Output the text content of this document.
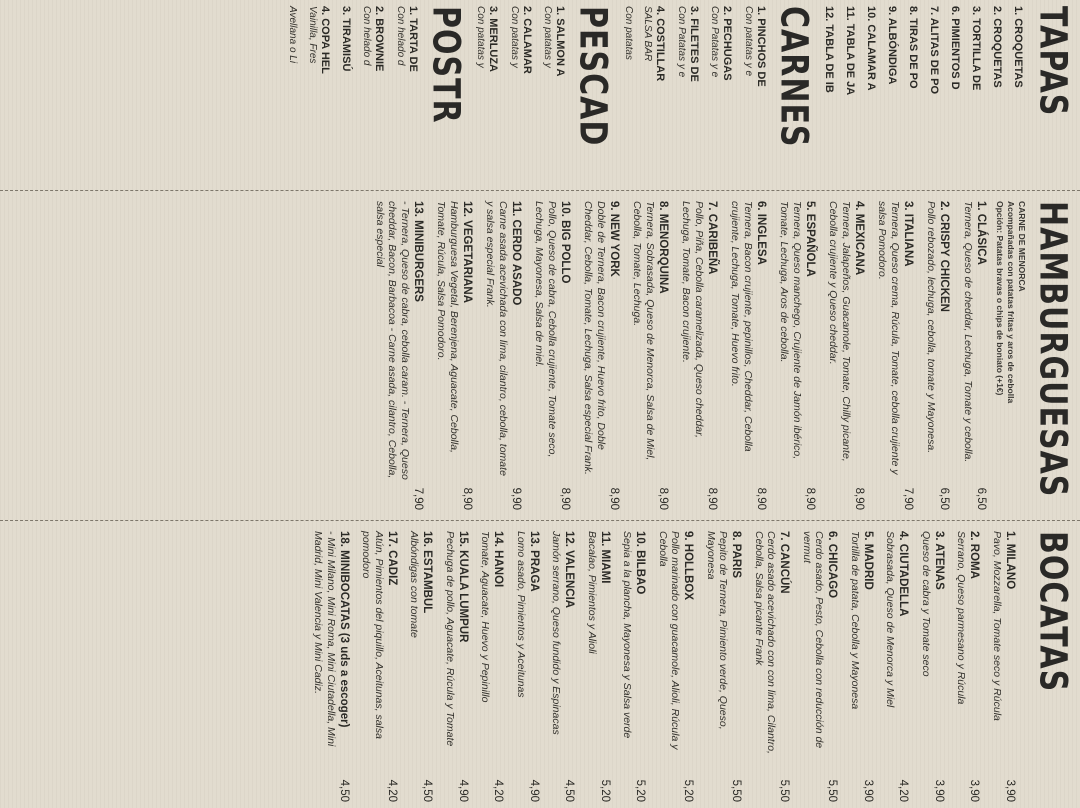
TAPAS
1. CROQUETAS
2. CROQUETAS
3. TORTILLA DE
6. PIMIENTOS D
7. ALITAS DE PO
8. TIRAS DE PO
9. ALBÓNDIGA
10. CALAMAR A
11. TABLA DE JA
12. TABLA DE IB
CARNES
1. PINCHOS DE
Con patatas y e
2. PECHUGAS
Con Patatas y e
3. FILETES DE
Con Patatas y e
4. COSTILLAR
SALSA BAR
Con patatas
PESCAD
1. SALMON A
Con patatas y
2. CALAMAR
Con patatas y
3. MERLUZA
Con patatas y
POSTR
1. TARTA DE
Con helado d
2. BROWNIE
Con helado d
3. TIRAMISÚ
4. COPA HEL
Vainilla, Fres
Avellana o Li
HAMBURGUESAS
CARNE DE MENORCA
Acompañadas con patatas fritas y aros de cebolla
Opción: Patatas bravas o chips de boniato (+1€)
1. CLÁSICA
Ternera, Queso de cheddar, Lechuga, Tomate y cebolla.
6,50
2. CRISPY CHICKEN
Pollo rebozado, lechuga, cebolla, tomate y Mayonesa.
6,50
3. ITALIANA
Ternera, Queso crema, Rúcula, Tomate, cebolla crujiente y salsa Pomodoro.
7,90
4. MEXICANA
Ternera, Jalapeños, Guacamole, Tomate, Chilly picante, Cebolla crujiente y Queso cheddar.
8,90
5. ESPAÑOLA
Ternera, Queso manchego, Crujiente de Jamón ibérico, Tomate, Lechuga, Aros de cebolla.
8,90
6. INGLESA
Ternera, Bacon crujiente, pepinillos, Cheddar, Cebolla crujiente, Lechuga, Tomate, Huevo frito.
8,90
7. CARIBEÑA
Pollo, Piña, Cebolla caramelizada, Queso cheddar, Lechuga, Tomate, Bacon crujiente.
8,90
8. MENORQUINA
Ternera, Sobrasada, Queso de Menorca, Salsa de Miel, Cebolla, Tomate, Lechuga.
8,90
9. NEW YORK
Doble de Ternera, Bacon crujiente, Huevo frito, Doble Cheddar, Cebolla, Tomate, Lechuga, Salsa especial Frank.
8,90
10. BIG POLLO
Pollo, Queso de cabra, Cebolla crujiente, Tomate seco, Lechuga, Mayonesa, Salsa de miel.
8,90
11. CERDO ASADO
Carne asada acevichada con lima, cilantro, cebolla, tomate y salsa especial Frank.
9,90
12. VEGETARIANA
Hamburguesa Vegetal, Berenjena, Aguacate, Cebolla, Tomate, Rúcula, Salsa Pomodoro.
8,90
13. MINIBURGERS
- Ternera, Queso de cabra, cebolla caram. - Ternera, Queso cheddar, Bacon, Barbacoa - Carne asada, cilantro, Cebolla, salsa especial
7,90
BOCATAS
1. MILANO
Pavo, Mozzarella, Tomate seco y Rúcula
3,90
2. ROMA
Serrano, Queso parmesano y Rúcula
3,90
3. ATENAS
Queso de cabra y Tomate seco
3,90
4. CIUTADELLA
Sobrasada, Queso de Menorca y Miel
4,20
5. MADRID
Tortilla de patata, Cebolla y Mayonesa
3,90
6. CHICAGO
Cerdo asado, Pesto, Cebolla con reducción de vermut
5,50
7. CANCÚN
Cerdo asado acevichado con con lima, Cilantro, Cebolla, Salsa picante Frank
5,50
8. PARIS
Pepito de Ternera, Pimiento verde, Queso, Mayonesa
5,50
9. HOLLBOX
Pollo marinado con guacamole, Alioli, Rúcula y Cebolla
5,20
10. BILBAO
Sepia a la plancha, Mayonesa y Salsa verde
5,20
11. MIAMI
Bacalao, Pimientos y Alioli
5,20
12. VALENCIA
Jamón serrano, Queso fundido y Espinacas
4,50
13. PRAGA
Lomo asado, Pimientos y Aceitunas
4,90
14. HANOI
Tomate, Aguacate, Huevo y Pepinillo
4,20
15. KUALA LUMPUR
Pechuga de pollo, Aguacate, Rúcula y Tomate
4,90
16. ESTAMBUL
Albóndigas con tomate
4,50
17. CADIZ
Atún, Pimientos del piquillo, Aceitunas, salsa pomodoro
4,20
18. MINIBOCATAS (3 uds a escoger)
- Mini Milano, Mini Roma, Mini Ciutadella, Mini Madrid, Mini Valencia y Mini Cadiz.
4,50
